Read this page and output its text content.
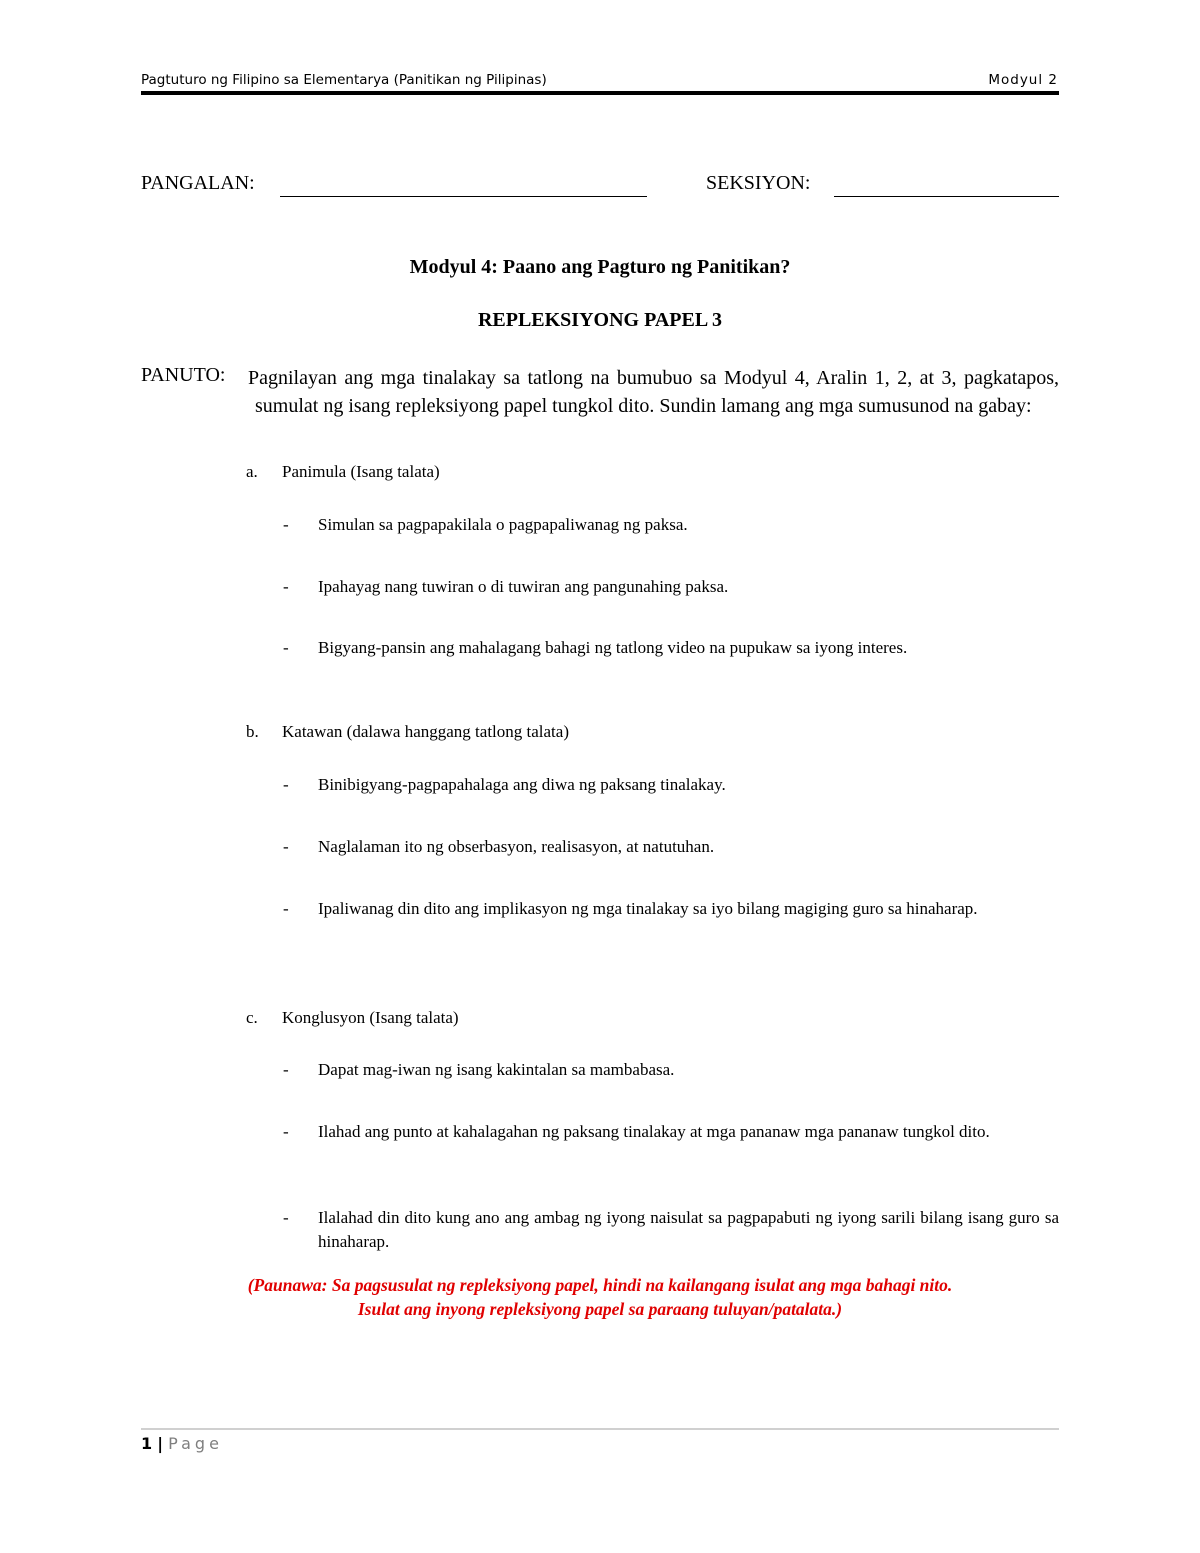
Pagtuturo ng Filipino sa Elementarya (Panitikan ng Pilipinas)	Modyul 2
PANGALAN:	SEKSIYON:
Modyul 4: Paano ang Pagturo ng Panitikan?
REPLEKSIYONG PAPEL 3
PANUTO: Pagnilayan ang mga tinalakay sa tatlong na bumubuo sa Modyul 4, Aralin 1, 2, at 3, pagkatapos, sumulat ng isang repleksiyong papel tungkol dito. Sundin lamang ang mga sumusunod na gabay:
a. Panimula (Isang talata)
- Simulan sa pagpapakilala o pagpapaliwanag ng paksa.
- Ipahayag nang tuwiran o di tuwiran ang pangunahing paksa.
- Bigyang-pansin ang mahalagang bahagi ng tatlong video na pupukaw sa iyong interes.
b. Katawan (dalawa hanggang tatlong talata)
- Binibigyang-pagpapahalaga ang diwa ng paksang tinalakay.
- Naglalaman ito ng obserbasyon, realisasyon, at natutuhan.
- Ipaliwanag din dito ang implikasyon ng mga tinalakay sa iyo bilang magiging guro sa hinaharap.
c. Konglusyon (Isang talata)
- Dapat mag-iwan ng isang kakintalan sa mambabasa.
- Ilahad ang punto at kahalagahan ng paksang tinalakay at mga pananaw mga pananaw tungkol dito.
- Ilalahad din dito kung ano ang ambag ng iyong naisulat sa pagpapabuti ng iyong sarili bilang isang guro sa hinaharap.
(Paunawa: Sa pagsusulat ng repleksiyong papel, hindi na kailangang isulat ang mga bahagi nito.
Isulat ang inyong repleksiyong papel sa paraang tuluyan/patalata.)
1 | Page
